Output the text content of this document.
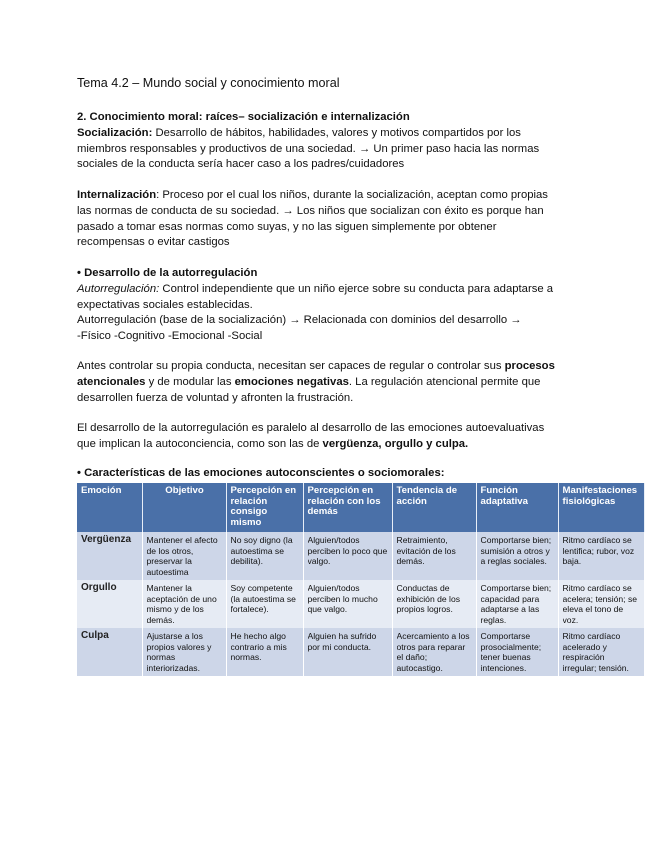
Tema 4.2 – Mundo social y conocimiento moral

2. Conocimiento moral: raíces– socialización e internalización

Socialización: Desarrollo de hábitos, habilidades, valores y motivos compartidos por los

miembros responsables y productivos de una sociedad. → Un primer paso hacia las normas

sociales de la conducta sería hacer caso a los padres/cuidadores

Internalización: Proceso por el cual los niños, durante la socialización, aceptan como propias

las normas de conducta de su sociedad. → Los niños que socializan con éxito es porque han

pasado a tomar esas normas como suyas, y no las siguen simplemente por obtener

recompensas o evitar castigos

• Desarrollo de la autorregulación

Autorregulación: Control independiente que un niño ejerce sobre su conducta para adaptarse a

expectativas sociales establecidas.

Autorregulación (base de la socialización) → Relacionada con dominios del desarrollo →

-Físico -Cognitivo -Emocional -Social

Antes controlar su propia conducta, necesitan ser capaces de regular o controlar sus procesos

atencionales y de modular las emociones negativas. La regulación atencional permite que

desarrollen fuerza de voluntad y afronten la frustración.

El desarrollo de la autorregulación es paralelo al desarrollo de las emociones autoevaluativas

que implican la autoconciencia, como son las de vergüenza, orgullo y culpa.

• Características de las emociones autoconscientes o sociomorales:

Emoción	Objetivo	Percepción en relación consigo mismo	Percepción en relación con los demás	Tendencia de acción	Función adaptativa	Manifestaciones fisiológicas
Vergüenza	Mantener el afecto de los otros, preservar la autoestima	No soy digno (la autoestima se debilita).	Alguien/todos perciben lo poco que valgo.	Retraimiento, evitación de los demás.	Comportarse bien; sumisión a otros y a reglas sociales.	Ritmo cardíaco se lentifica; rubor, voz baja.

Orgullo	Mantener la aceptación de uno mismo y de los demás.	Soy competente (la autoestima se fortalece).	Alguien/todos perciben lo mucho que valgo.	Conductas de exhibición de los propios logros.	Comportarse bien; capacidad para adaptarse a las reglas.	Ritmo cardíaco se acelera; tensión; se eleva el tono de voz.

Culpa	Ajustarse a los propios valores y normas interiorizadas.	He hecho algo contrario a mis normas.	Alguien ha sufrido por mi conducta.	Acercamiento a los otros para reparar el daño; autocastigo.	Comportarse prosocialmente; tener buenas intenciones.	Ritmo cardíaco acelerado y respiración irregular; tensión.
